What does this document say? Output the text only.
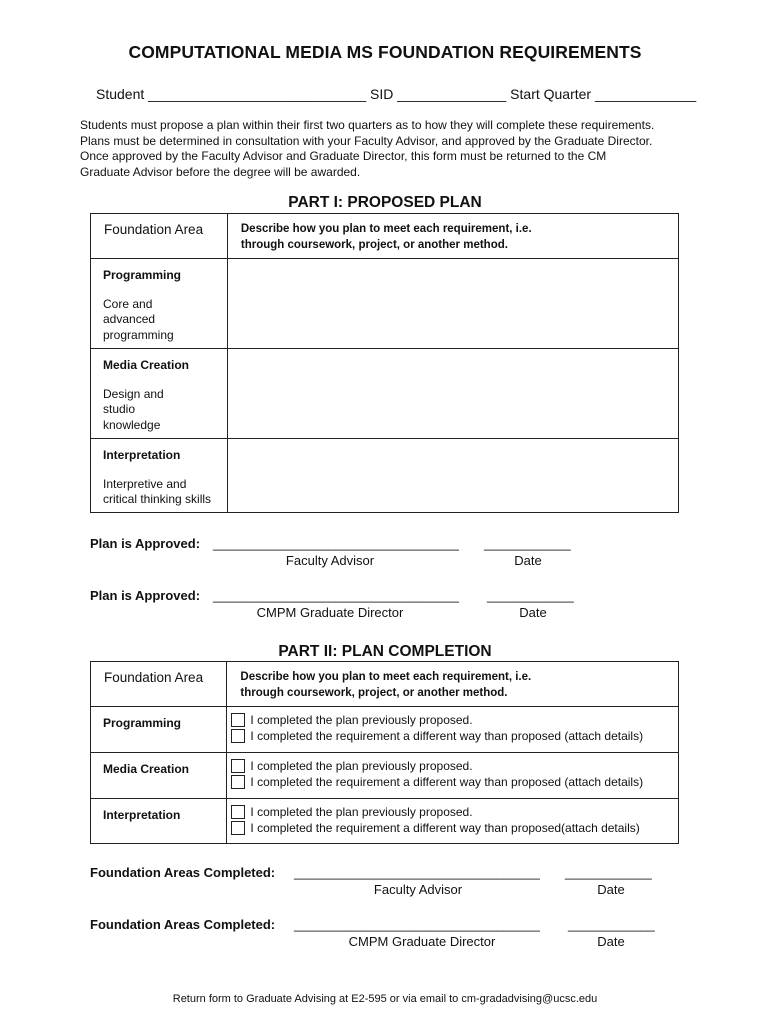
COMPUTATIONAL MEDIA MS FOUNDATION REQUIREMENTS
Student ____________________________ SID ______________ Start Quarter _____________
Students must propose a plan within their first two quarters as to how they will complete these requirements.
Plans must be determined in consultation with your Faculty Advisor, and approved by the Graduate Director.
Once approved by the Faculty Advisor and Graduate Director, this form must be returned to the CM
Graduate Advisor before the degree will be awarded.
PART I: PROPOSED PLAN
Foundation Area	Describe how you plan to meet each requirement, i.e.
through coursework, project, or another method.

Programming
Core and
advanced
programming	

Media Creation
Design and
studio
knowledge	

Interpretation
Interpretive and
critical thinking skills	

Plan is Approved: __________________________________ ____________
Faculty Advisor	Date
Plan is Approved: __________________________________ ____________
CMPM Graduate Director	Date
PART II: PLAN COMPLETION
Foundation Area	Describe how you plan to meet each requirement, i.e.
through coursework, project, or another method.

Programming	I completed the plan previously proposed.
I completed the requirement a different way than proposed (attach details)

Media Creation	I completed the plan previously proposed.
I completed the requirement a different way than proposed (attach details)

Interpretation	I completed the plan previously proposed.
I completed the requirement a different way than proposed(attach details)
Foundation Areas Completed: __________________________________ ____________
Faculty Advisor	Date
Foundation Areas Completed: __________________________________ ____________
CMPM Graduate Director	Date
Return form to Graduate Advising at E2-595 or via email to cm-gradadvising@ucsc.edu
